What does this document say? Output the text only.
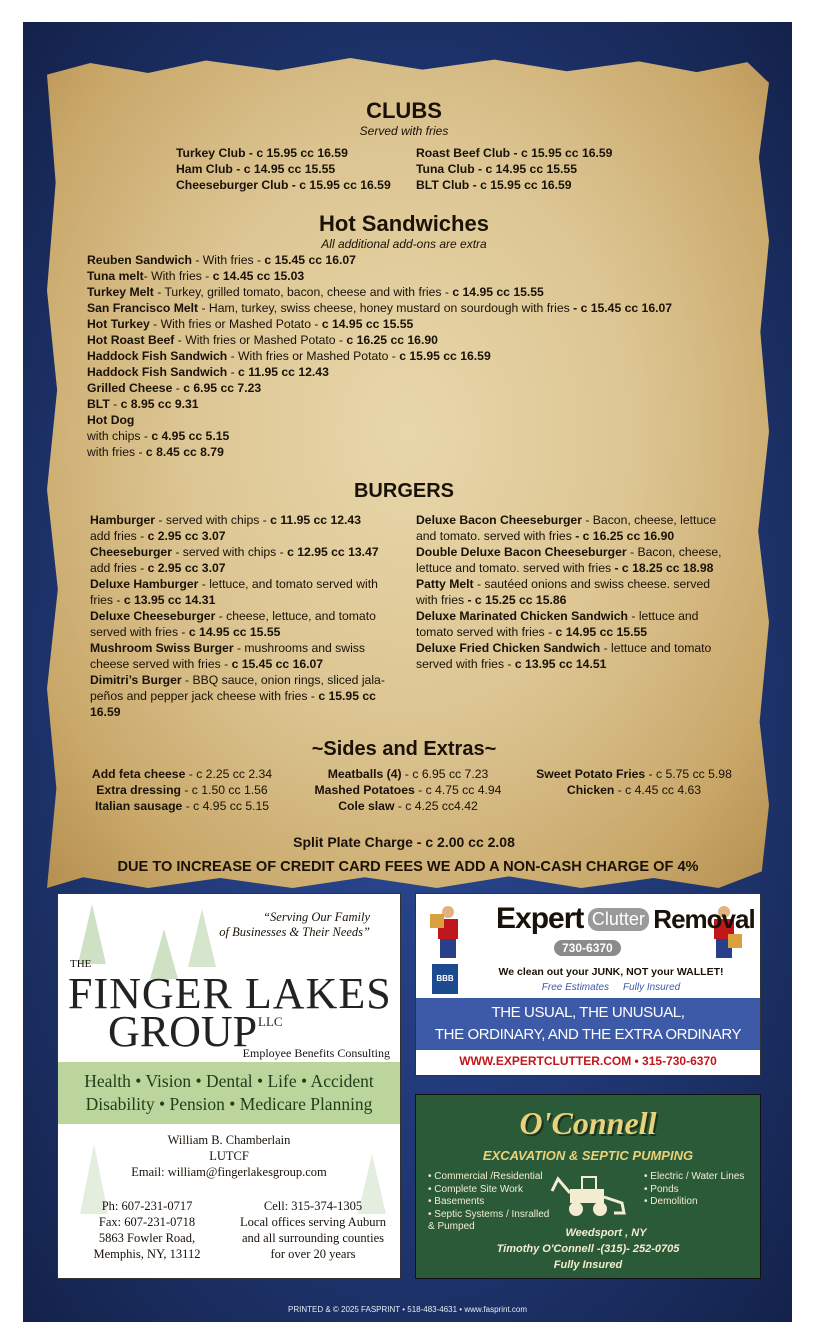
CLUBS
Served with fries
Turkey Club - c 15.95 cc 16.59
Ham Club - c 14.95 cc 15.55
Cheeseburger Club - c 15.95 cc 16.59
Roast Beef Club - c 15.95 cc 16.59
Tuna Club - c 14.95 cc 15.55
BLT Club - c 15.95 cc 16.59
Hot Sandwiches
All additional add-ons are extra
Reuben Sandwich - With fries - c 15.45 cc 16.07
Tuna melt- With fries - c 14.45 cc 15.03
Turkey Melt - Turkey, grilled tomato, bacon, cheese and with fries - c 14.95 cc 15.55
San Francisco Melt - Ham, turkey, swiss cheese, honey mustard on sourdough with fries - c 15.45 cc 16.07
Hot Turkey - With fries or Mashed Potato - c 14.95 cc 15.55
Hot Roast Beef - With fries or Mashed Potato - c 16.25 cc 16.90
Haddock Fish Sandwich - With fries or Mashed Potato - c 15.95 cc 16.59
Haddock Fish Sandwich - c 11.95 cc 12.43
Grilled Cheese - c 6.95 cc 7.23
BLT - c 8.95 cc 9.31
Hot Dog
with chips - c 4.95 cc 5.15
with fries - c 8.45 cc 8.79
BURGERS
Hamburger - served with chips - c 11.95 cc 12.43
add fries - c 2.95 cc 3.07
Cheeseburger - served with chips - c 12.95 cc 13.47
add fries - c 2.95 cc 3.07
Deluxe Hamburger - lettuce, and tomato served with fries - c 13.95 cc 14.31
Deluxe Cheeseburger - cheese, lettuce, and tomato served with fries - c 14.95 cc 15.55
Mushroom Swiss Burger - mushrooms and swiss cheese served with fries - c 15.45 cc 16.07
Dimitri’s Burger - BBQ sauce, onion rings, sliced jala-peños and pepper jack cheese with fries - c 15.95 cc 16.59
Deluxe Bacon Cheeseburger - Bacon, cheese, lettuce and tomato. served with fries - c 16.25 cc 16.90
Double Deluxe Bacon Cheeseburger - Bacon, cheese, lettuce and tomato. served with fries - c 18.25 cc 18.98
Patty Melt - sautéed onions and swiss cheese. served with fries - c 15.25 cc 15.86
Deluxe Marinated Chicken Sandwich - lettuce and tomato served with fries - c 14.95 cc 15.55
Deluxe Fried Chicken Sandwich - lettuce and tomato served with fries - c 13.95 cc 14.51
~Sides and Extras~
Add feta cheese - c 2.25 cc 2.34
Extra dressing - c 1.50 cc 1.56
Italian sausage - c 4.95 cc 5.15
Meatballs (4) - c 6.95 cc 7.23
Mashed Potatoes - c 4.75 cc 4.94
Cole slaw - c 4.25 cc4.42
Sweet Potato Fries - c 5.75 cc 5.98
Chicken - c 4.45 cc 4.63
Split Plate Charge - c 2.00 cc 2.08
DUE TO INCREASE OF CREDIT CARD FEES WE ADD A NON-CASH CHARGE OF 4%
“Serving Our Family
of Businesses & Their Needs”
THE
FINGER LAKES
GROUP LLC
Employee Benefits Consulting
Health • Vision • Dental • Life • Accident
Disability • Pension • Medicare Planning
William B. Chamberlain
LUTCF
Email: william@fingerlakesgroup.com
Ph: 607-231-0717
Fax: 607-231-0718
5863 Fowler Road,
Memphis, NY, 13112
Cell: 315-374-1305
Local offices serving Auburn
and all surrounding counties
for over 20 years
Expert Clutter Removal
730-6370
BBB
We clean out your JUNK, NOT your WALLET!
Free Estimates Fully Insured
THE USUAL, THE UNUSUAL,
THE ORDINARY, AND THE EXTRA ORDINARY
WWW.EXPERTCLUTTER.COM • 315-730-6370
O'Connell
EXCAVATION & SEPTIC PUMPING
• Commercial /Residential
• Complete Site Work
• Basements
• Septic Systems / Insralled
& Pumped
• Electric / Water Lines
• Ponds
• Demolition
Weedsport , NY
Timothy O'Connell -(315)- 252-0705
Fully Insured
PRINTED & © 2025 FASPRINT • 518-483-4631 • www.fasprint.com
